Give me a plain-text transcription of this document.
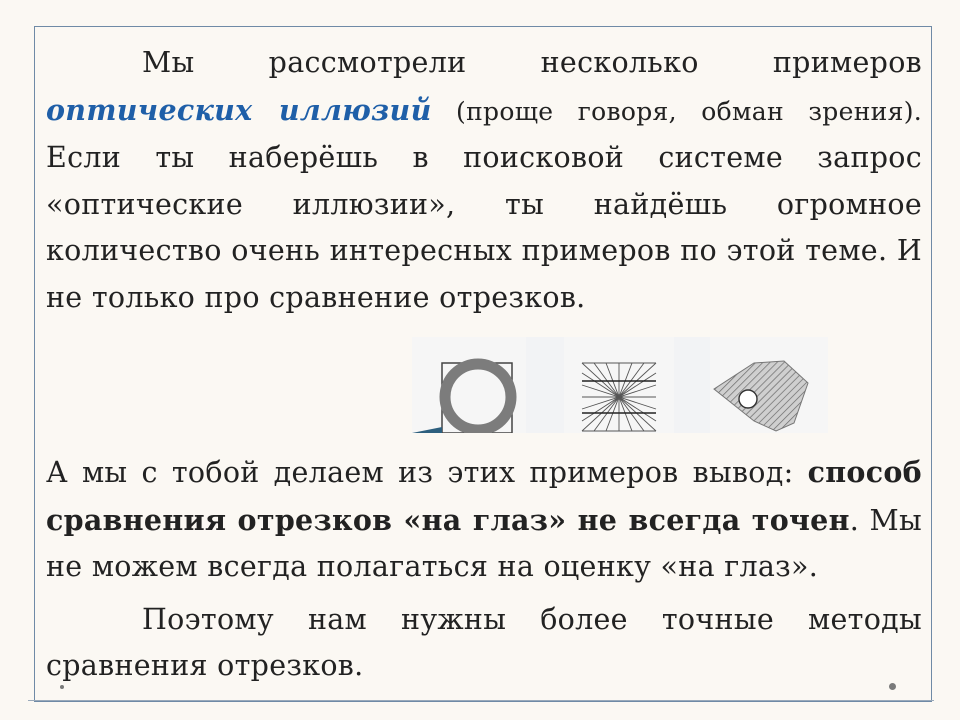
Мы рассмотрели несколько примеров оптических иллюзий (проще говоря, обман зрения). Если ты наберёшь в поисковой системе запрос «оптические иллюзии», ты найдёшь огромное количество очень интересных примеров по этой теме. И не только про сравнение отрезков.

А мы с тобой делаем из этих примеров вывод: способ сравнения отрезков «на глаз» не всегда точен. Мы не можем всегда полагаться на оценку «на глаз».

Поэтому нам нужны более точные методы сравнения отрезков.
